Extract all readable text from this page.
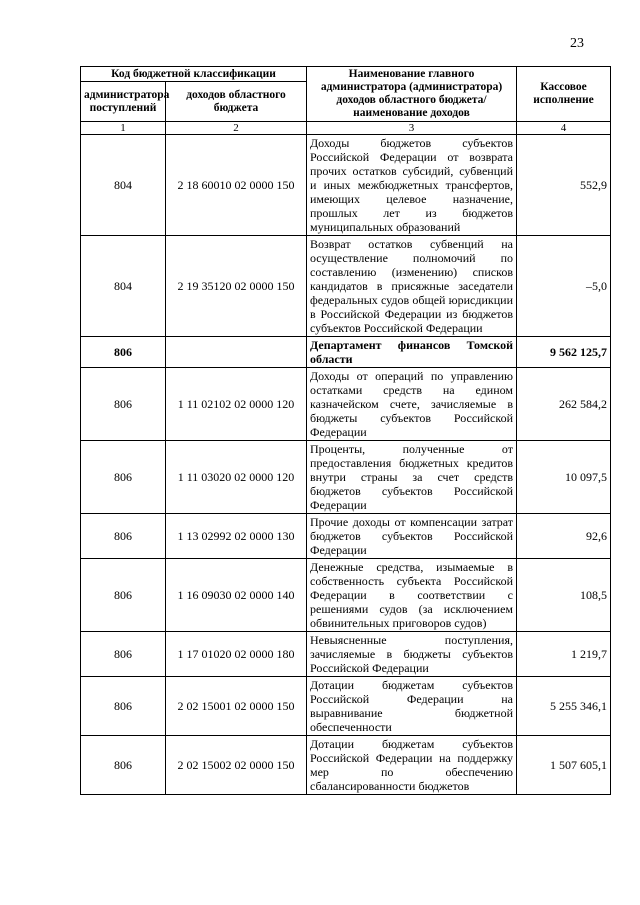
23
Код бюджетной классификации		Наименование главного администратора (администратора) доходов областного бюджета/ наименование доходов	Кассовое исполнение
администратора поступлений	доходов областного бюджета		
1	2	3	4
804	2 18 60010 02 0000 150	Доходы бюджетов субъектов Российской Федерации от возврата прочих остатков субсидий, субвенций и иных межбюджетных трансфертов, имеющих целевое назначение, прошлых лет из бюджетов муниципальных образований	552,9
804	2 19 35120 02 0000 150	Возврат остатков субвенций на осуществление полномочий по составлению (изменению) списков кандидатов в присяжные заседатели федеральных судов общей юрисдикции в Российской Федерации из бюджетов субъектов Российской Федерации	–5,0
806		Департамент финансов Томской области	9 562 125,7
806	1 11 02102 02 0000 120	Доходы от операций по управлению остатками средств на едином казначейском счете, зачисляемые в бюджеты субъектов Российской Федерации	262 584,2
806	1 11 03020 02 0000 120	Проценты, полученные от предоставления бюджетных кредитов внутри страны за счет средств бюджетов субъектов Российской Федерации	10 097,5
806	1 13 02992 02 0000 130	Прочие доходы от компенсации затрат бюджетов субъектов Российской Федерации	92,6
806	1 16 09030 02 0000 140	Денежные средства, изымаемые в собственность субъекта Российской Федерации в соответствии с решениями судов (за исключением обвинительных приговоров судов)	108,5
806	1 17 01020 02 0000 180	Невыясненные поступления, зачисляемые в бюджеты субъектов Российской Федерации	1 219,7
806	2 02 15001 02 0000 150	Дотации бюджетам субъектов Российской Федерации на выравнивание бюджетной обеспеченности	5 255 346,1
806	2 02 15002 02 0000 150	Дотации бюджетам субъектов Российской Федерации на поддержку мер по обеспечению сбалансированности бюджетов	1 507 605,1
